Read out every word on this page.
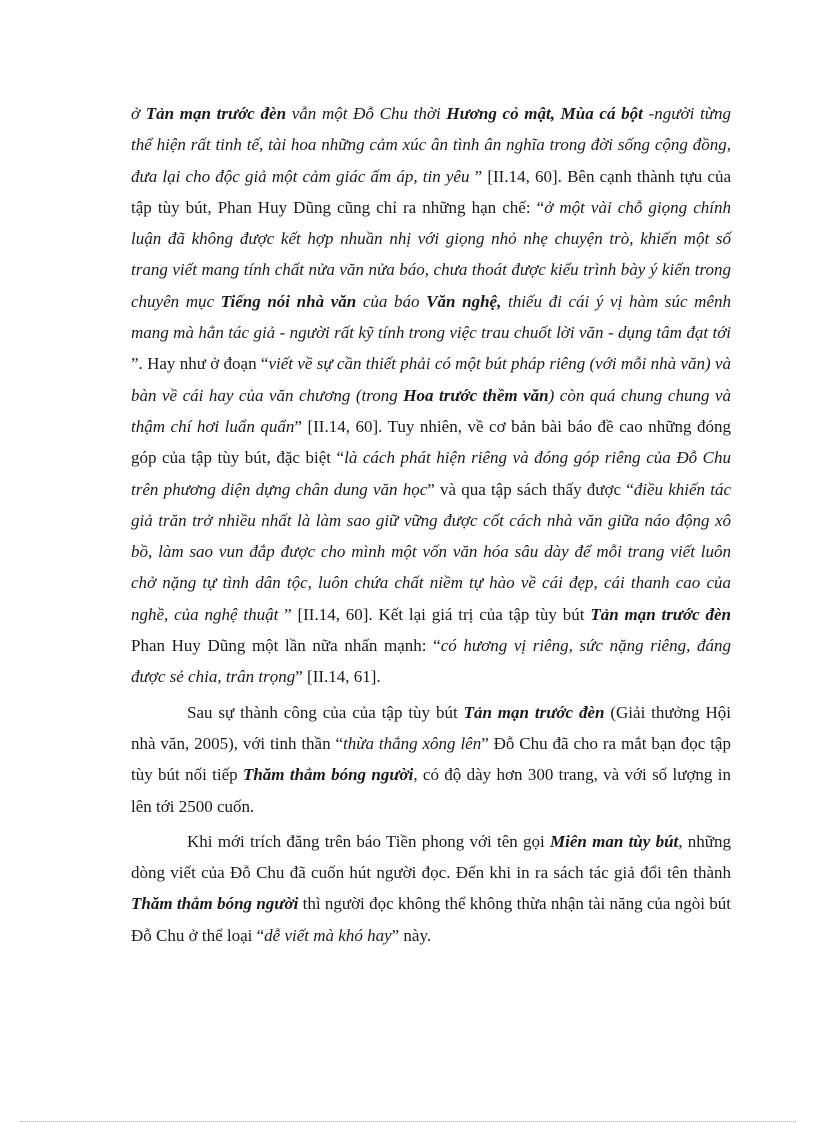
ở Tản mạn trước đèn vẫn một Đỗ Chu thời Hương cỏ mật, Mùa cá bột -người từng thể hiện rất tinh tế, tài hoa những cảm xúc ân tình ân nghĩa trong đời sống cộng đồng, đưa lại cho độc giả một cảm giác ấm áp, tin yêu ” [II.14, 60]. Bên cạnh thành tựu của tập tùy bút, Phan Huy Dũng cũng chỉ ra những hạn chế: “ở một vài chỗ giọng chính luận đã không được kết hợp nhuần nhị với giọng nhỏ nhẹ chuyện trò, khiến một số trang viết mang tính chất nửa văn nửa báo, chưa thoát được kiểu trình bày ý kiến trong chuyên mục Tiếng nói nhà văn của báo Văn nghệ, thiếu đi cái ý vị hàm súc mênh mang mà hẳn tác giả - người rất kỹ tính trong việc trau chuốt lời văn - dụng tâm đạt tới ”. Hay như ở đoạn “viết về sự cần thiết phải có một bút pháp riêng (với mỗi nhà văn) và bàn về cái hay của văn chương (trong Hoa trước thềm văn) còn quá chung chung và thậm chí hơi luẩn quẩn” [II.14, 60]. Tuy nhiên, về cơ bản bài báo đề cao những đóng góp của tập tùy bút, đặc biệt “là cách phát hiện riêng và đóng góp riêng của Đỗ Chu trên phương diện dựng chân dung văn học” và qua tập sách thấy được “điều khiến tác giả trăn trở nhiều nhất là làm sao giữ vững được cốt cách nhà văn giữa náo động xô bồ, làm sao vun đắp được cho mình một vốn văn hóa sâu dày để mỗi trang viết luôn chở nặng tự tình dân tộc, luôn chứa chất niềm tự hào về cái đẹp, cái thanh cao của nghề, của nghệ thuật ” [II.14, 60]. Kết lại giá trị của tập tùy bút Tản mạn trước đèn Phan Huy Dũng một lần nữa nhấn mạnh: “có hương vị riêng, sức nặng riêng, đáng được sẻ chia, trân trọng” [II.14, 61].

Sau sự thành công của của tập tùy bút Tản mạn trước đèn (Giải thưởng Hội nhà văn, 2005), với tinh thần “thừa thắng xông lên” Đỗ Chu đã cho ra mắt bạn đọc tập tùy bút nối tiếp Thăm thẳm bóng người, có độ dày hơn 300 trang, và với số lượng in lên tới 2500 cuốn.

Khi mới trích đăng trên báo Tiền phong với tên gọi Miên man tùy bút, những dòng viết của Đỗ Chu đã cuốn hút người đọc. Đến khi in ra sách tác giả đổi tên thành Thăm thẳm bóng người thì người đọc không thể không thừa nhận tài năng của ngòi bút Đỗ Chu ở thể loại “dễ viết mà khó hay” này.
